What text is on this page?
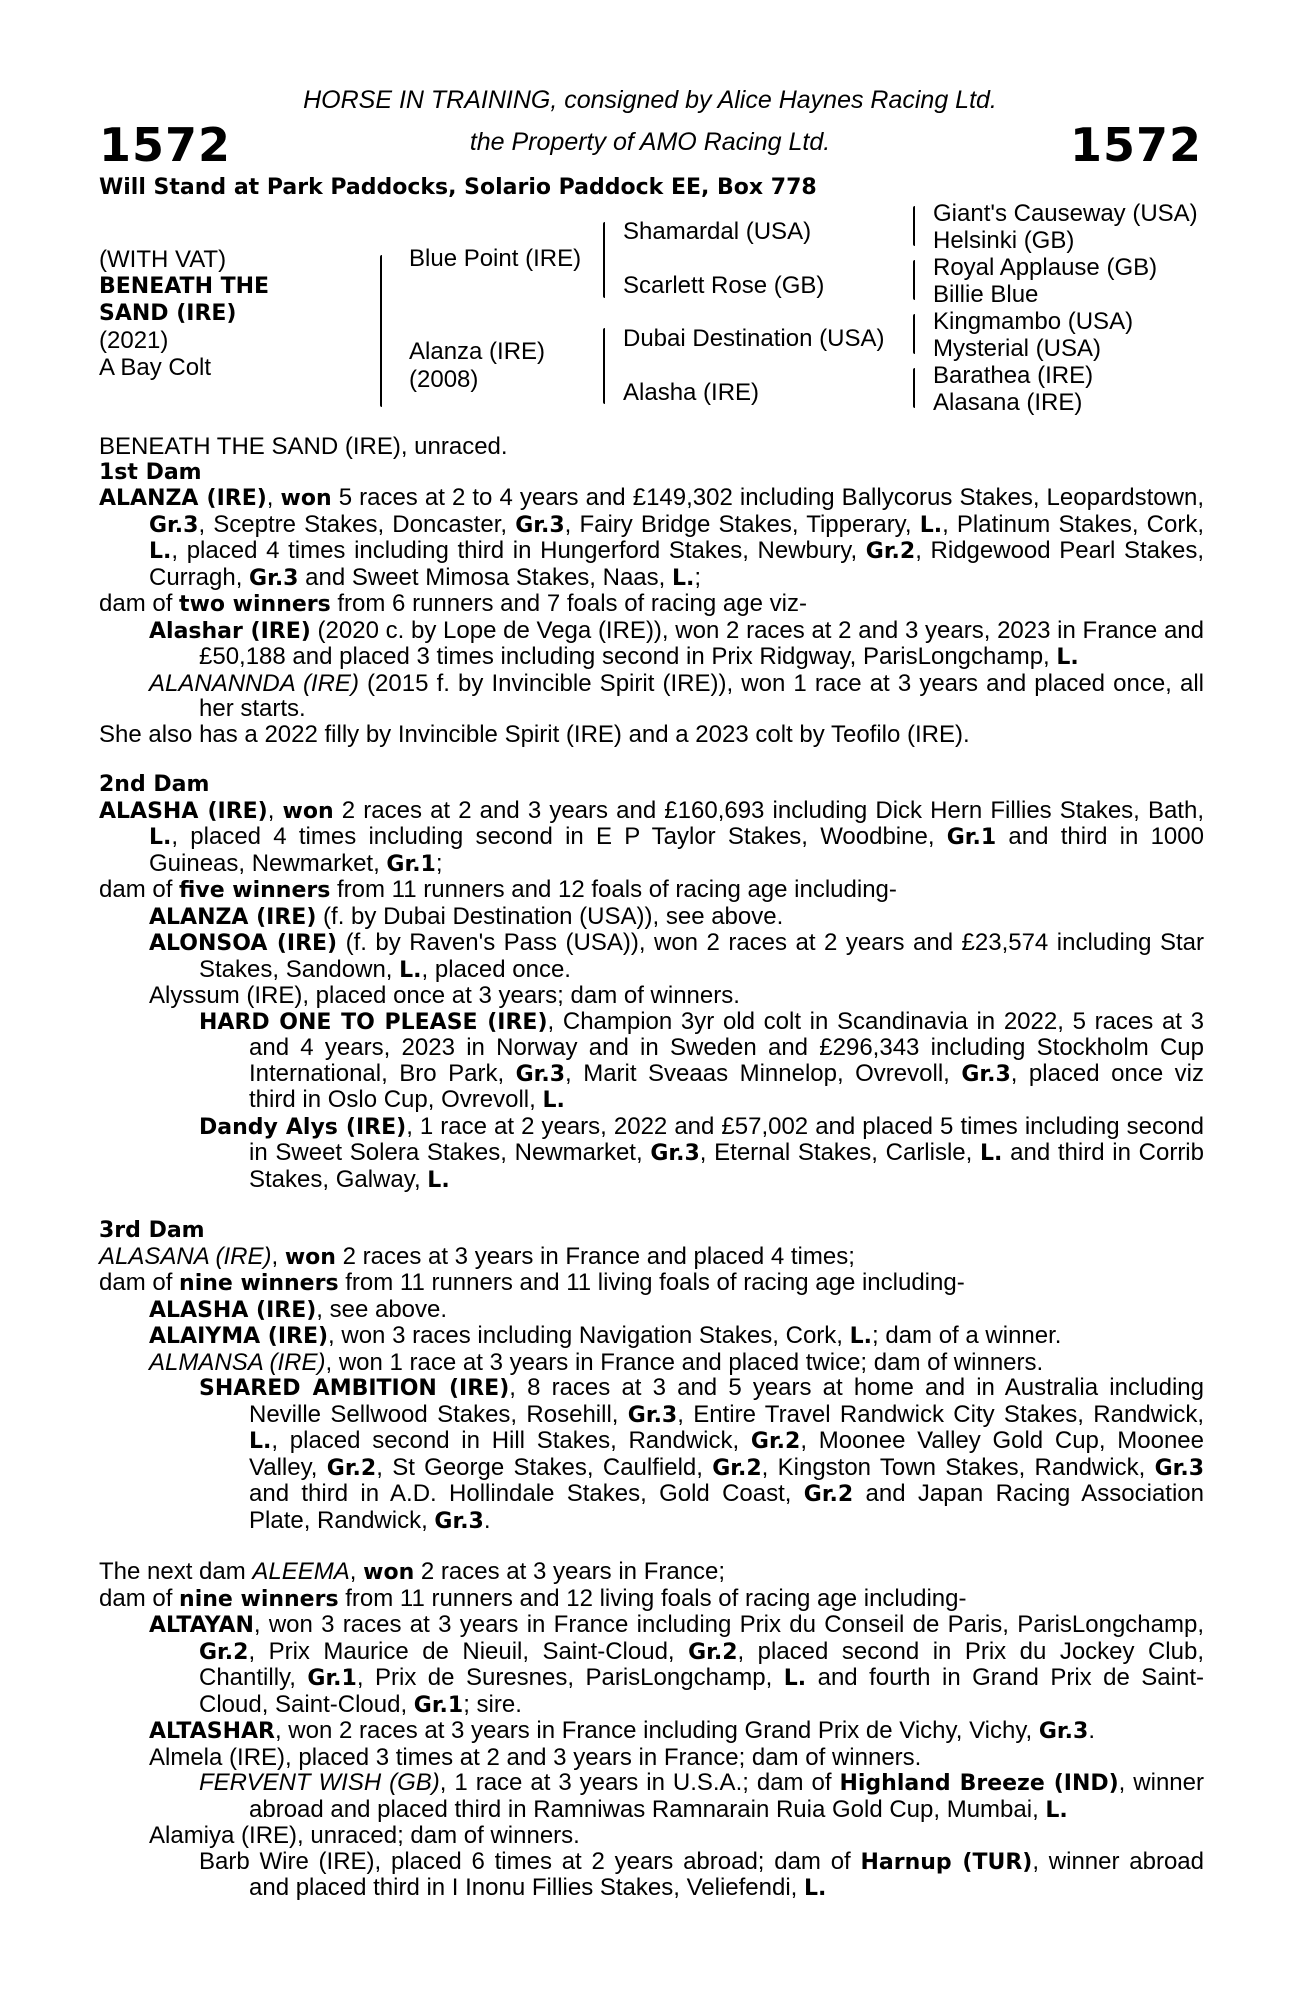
1572
HORSE IN TRAINING, consigned by Alice Haynes Racing Ltd.
the Property of AMO Racing Ltd.	1572
Will Stand at Park Paddocks, Solario Paddock EE, Box 778
(WITH VAT)
BENEATH THE
SAND (IRE)
(2021)
A Bay Colt
Blue Point (IRE)
Alanza (IRE)
(2008)
Shamardal (USA)
Scarlett Rose (GB)
Dubai Destination (USA)
Alasha (IRE)
Giant's Causeway (USA)
Helsinki (GB)
Royal Applause (GB)
Billie Blue
Kingmambo (USA)
Mysterial (USA)
Barathea (IRE)
Alasana (IRE)

BENEATH THE SAND (IRE), unraced.

1st Dam

ALANZA (IRE), won 5 races at 2 to 4 years and £149,302 including Ballycorus Stakes, Leopardstown, Gr.3, Sceptre Stakes, Doncaster, Gr.3, Fairy Bridge Stakes, Tipperary, L., Platinum Stakes, Cork, L., placed 4 times including third in Hungerford Stakes, Newbury, Gr.2, Ridgewood Pearl Stakes, Curragh, Gr.3 and Sweet Mimosa Stakes, Naas, L.;

dam of two winners from 6 runners and 7 foals of racing age viz-

Alashar (IRE) (2020 c. by Lope de Vega (IRE)), won 2 races at 2 and 3 years, 2023 in France and £50,188 and placed 3 times including second in Prix Ridgway, ParisLongchamp, L.

ALANANNDA (IRE) (2015 f. by Invincible Spirit (IRE)), won 1 race at 3 years and placed once, all her starts.

She also has a 2022 filly by Invincible Spirit (IRE) and a 2023 colt by Teofilo (IRE).

2nd Dam

ALASHA (IRE), won 2 races at 2 and 3 years and £160,693 including Dick Hern Fillies Stakes, Bath, L., placed 4 times including second in E P Taylor Stakes, Woodbine, Gr.1 and third in 1000 Guineas, Newmarket, Gr.1;

dam of five winners from 11 runners and 12 foals of racing age including-

ALANZA (IRE) (f. by Dubai Destination (USA)), see above.

ALONSOA (IRE) (f. by Raven's Pass (USA)), won 2 races at 2 years and £23,574 including Star Stakes, Sandown, L., placed once.

Alyssum (IRE), placed once at 3 years; dam of winners.

HARD ONE TO PLEASE (IRE), Champion 3yr old colt in Scandinavia in 2022, 5 races at 3 and 4 years, 2023 in Norway and in Sweden and £296,343 including Stockholm Cup International, Bro Park, Gr.3, Marit Sveaas Minnelop, Ovrevoll, Gr.3, placed once viz third in Oslo Cup, Ovrevoll, L.

Dandy Alys (IRE), 1 race at 2 years, 2022 and £57,002 and placed 5 times including second in Sweet Solera Stakes, Newmarket, Gr.3, Eternal Stakes, Carlisle, L. and third in Corrib Stakes, Galway, L.

3rd Dam

ALASANA (IRE), won 2 races at 3 years in France and placed 4 times;

dam of nine winners from 11 runners and 11 living foals of racing age including-

ALASHA (IRE), see above.

ALAIYMA (IRE), won 3 races including Navigation Stakes, Cork, L.; dam of a winner.

ALMANSA (IRE), won 1 race at 3 years in France and placed twice; dam of winners.

SHARED AMBITION (IRE), 8 races at 3 and 5 years at home and in Australia including Neville Sellwood Stakes, Rosehill, Gr.3, Entire Travel Randwick City Stakes, Randwick, L., placed second in Hill Stakes, Randwick, Gr.2, Moonee Valley Gold Cup, Moonee Valley, Gr.2, St George Stakes, Caulfield, Gr.2, Kingston Town Stakes, Randwick, Gr.3 and third in A.D. Hollindale Stakes, Gold Coast, Gr.2 and Japan Racing Association Plate, Randwick, Gr.3.

The next dam ALEEMA, won 2 races at 3 years in France;

dam of nine winners from 11 runners and 12 living foals of racing age including-

ALTAYAN, won 3 races at 3 years in France including Prix du Conseil de Paris, ParisLongchamp, Gr.2, Prix Maurice de Nieuil, Saint-Cloud, Gr.2, placed second in Prix du Jockey Club, Chantilly, Gr.1, Prix de Suresnes, ParisLongchamp, L. and fourth in Grand Prix de Saint-Cloud, Saint-Cloud, Gr.1; sire.

ALTASHAR, won 2 races at 3 years in France including Grand Prix de Vichy, Vichy, Gr.3.

Almela (IRE), placed 3 times at 2 and 3 years in France; dam of winners.

FERVENT WISH (GB), 1 race at 3 years in U.S.A.; dam of Highland Breeze (IND), winner abroad and placed third in Ramniwas Ramnarain Ruia Gold Cup, Mumbai, L.

Alamiya (IRE), unraced; dam of winners.

Barb Wire (IRE), placed 6 times at 2 years abroad; dam of Harnup (TUR), winner abroad and placed third in I Inonu Fillies Stakes, Veliefendi, L.
